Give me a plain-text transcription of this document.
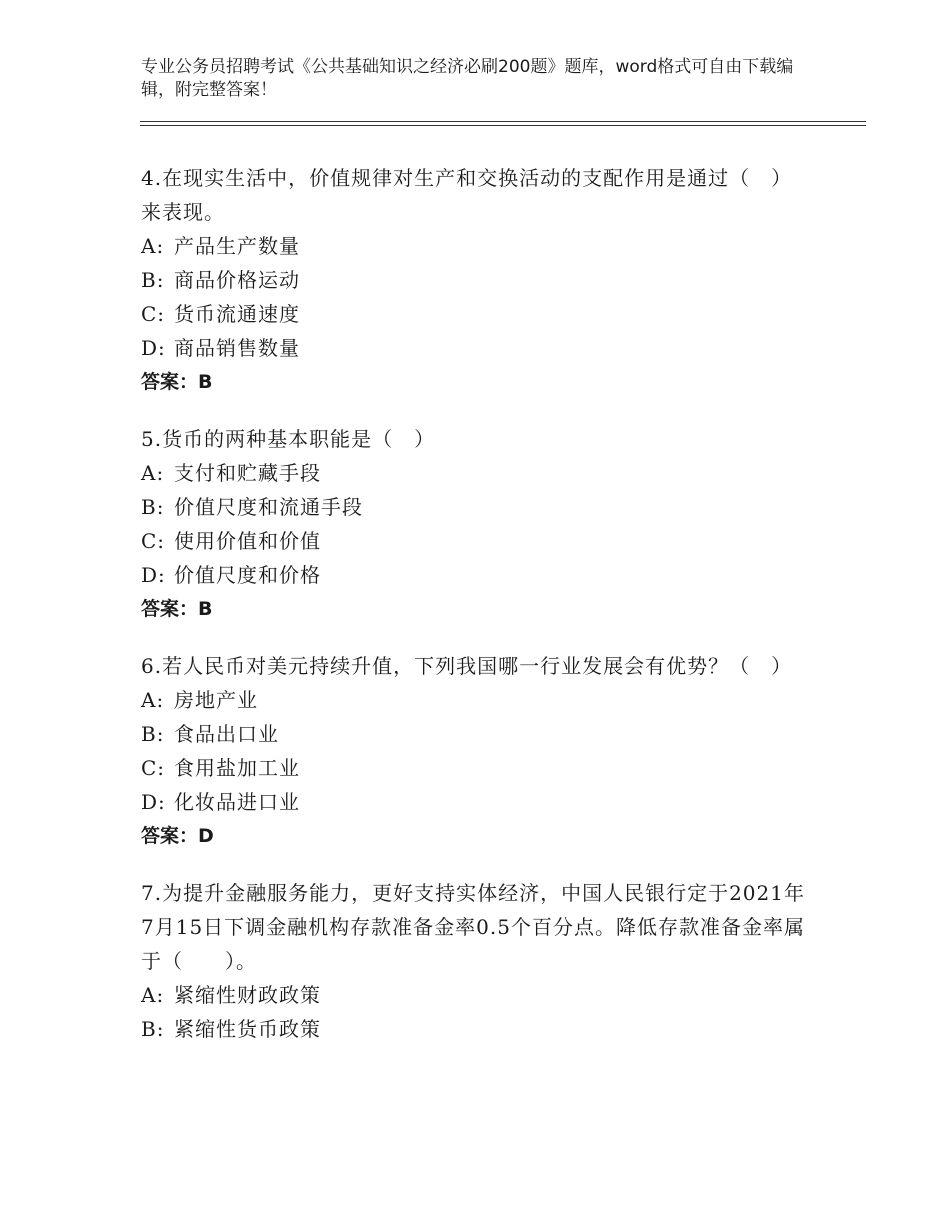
专业公务员招聘考试《公共基础知识之经济必刷200题》题库，word格式可自由下载编辑，附完整答案！

4.在现实生活中，价值规律对生产和交换活动的支配作用是通过（　）来表现。

A: 产品生产数量

B: 商品价格运动

C: 货币流通速度

D: 商品销售数量

答案：B

5.货币的两种基本职能是（　）

A: 支付和贮藏手段

B: 价值尺度和流通手段

C: 使用价值和价值

D: 价值尺度和价格

答案：B

6.若人民币对美元持续升值，下列我国哪一行业发展会有优势？（　）

A: 房地产业

B: 食品出口业

C: 食用盐加工业

D: 化妆品进口业

答案：D

7.为提升金融服务能力，更好支持实体经济，中国人民银行定于2021年7月15日下调金融机构存款准备金率0.5个百分点。降低存款准备金率属于（　　）。

A: 紧缩性财政政策

B: 紧缩性货币政策
